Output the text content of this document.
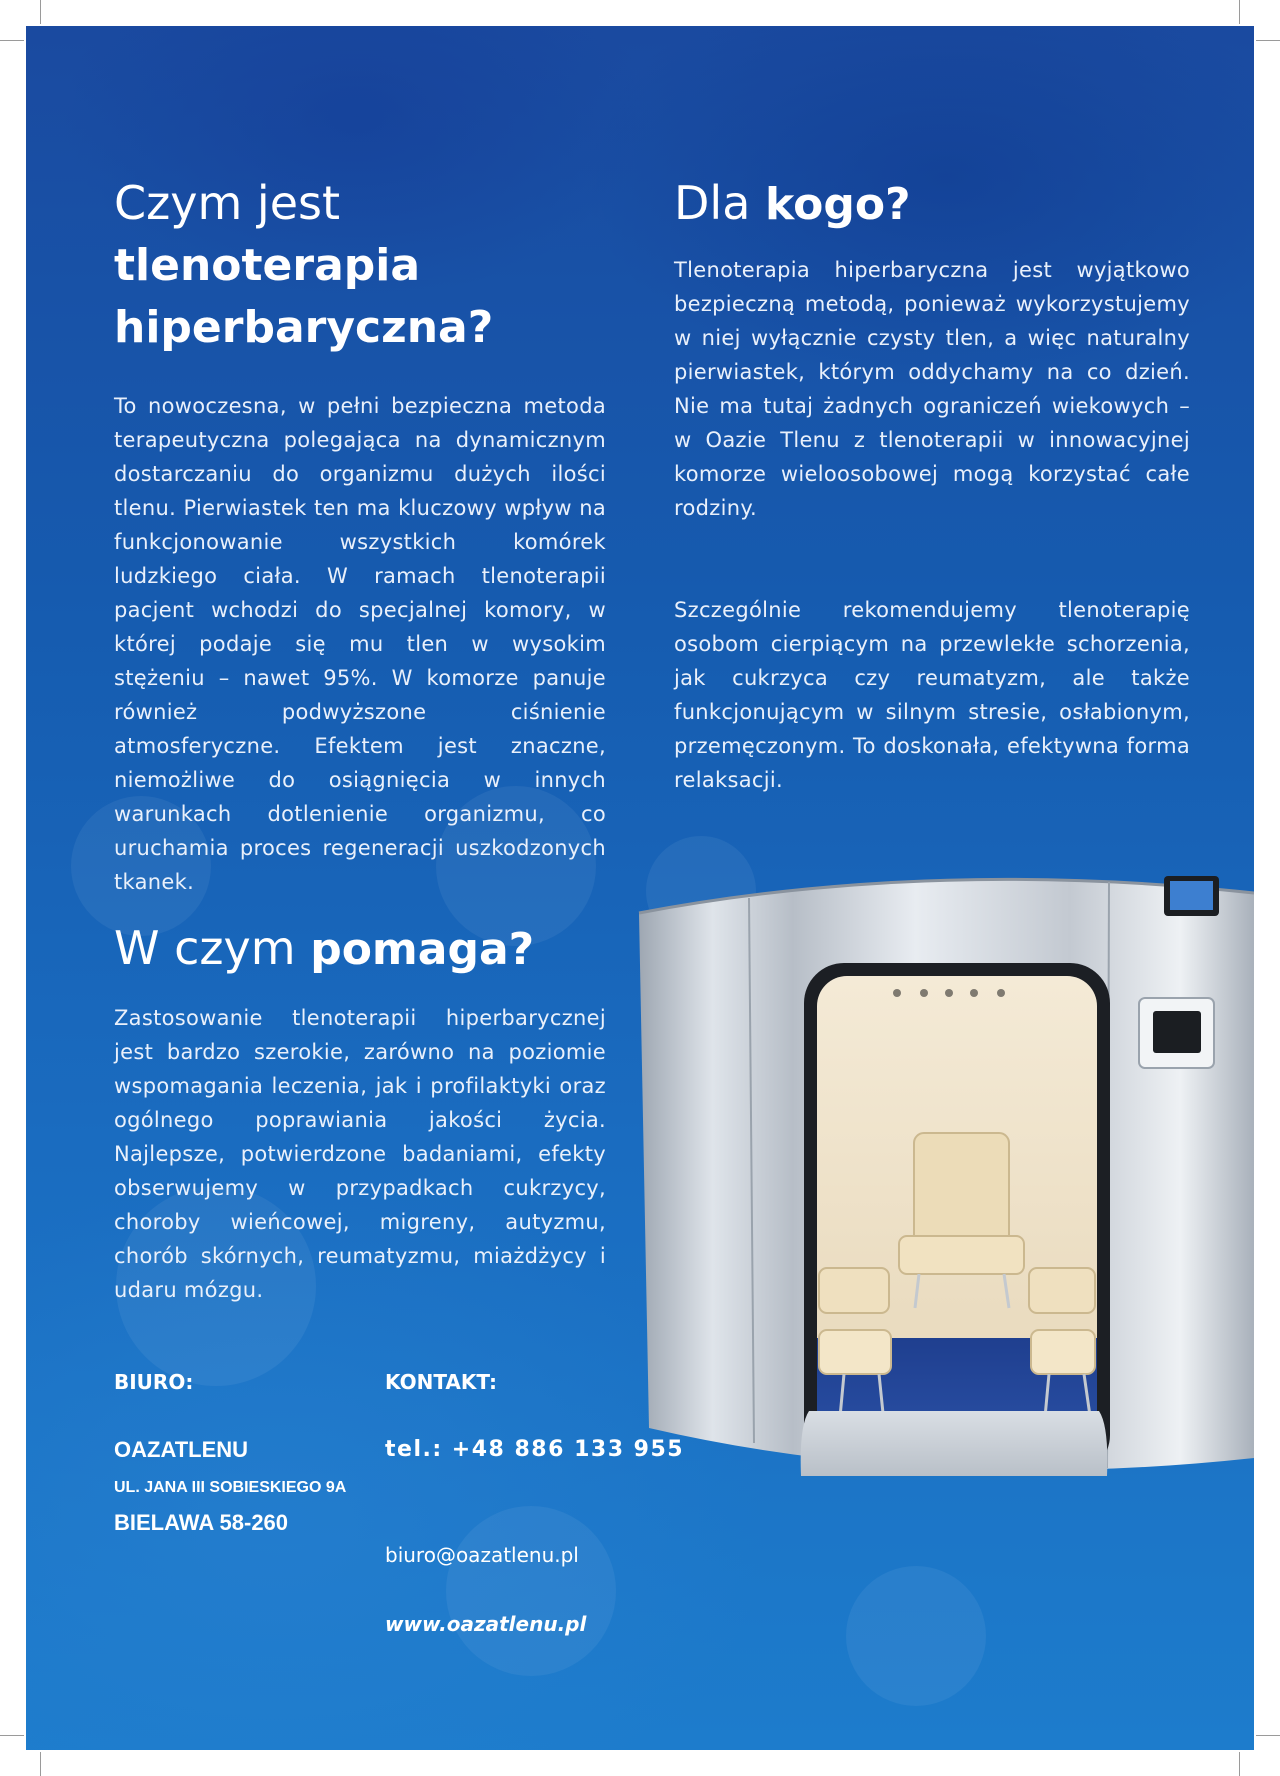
Czym jest
tlenoterapia
hiperbaryczna?
To nowoczesna, w pełni bezpieczna metoda terapeutyczna polegająca na dynamicznym dostarczaniu do organizmu dużych ilości tlenu. Pierwiastek ten ma kluczowy wpływ na funkcjonowanie wszystkich komórek ludzkiego ciała. W ramach tlenoterapii pacjent wchodzi do specjalnej komory, w której podaje się mu tlen w wysokim stężeniu – nawet 95%. W komorze panuje również podwyższone ciśnienie atmosferyczne. Efektem jest znaczne, niemożliwe do osiągnięcia w innych warunkach dotlenienie organizmu, co uruchamia proces regeneracji uszkodzonych tkanek.
Dla kogo?
Tlenoterapia hiperbaryczna jest wyjątkowo bezpieczną metodą, ponieważ wykorzystujemy w niej wyłącznie czysty tlen, a więc naturalny pierwiastek, którym oddychamy na co dzień. Nie ma tutaj żadnych ograniczeń wiekowych – w Oazie Tlenu z tlenoterapii w innowacyjnej komorze wieloosobowej mogą korzystać całe rodziny.
Szczególnie rekomendujemy tlenoterapię osobom cierpiącym na przewlekłe schorzenia, jak cukrzyca czy reumatyzm, ale także funkcjonującym w silnym stresie, osłabionym, przemęczonym. To doskonała, efektywna forma relaksacji.
W czym pomaga?
Zastosowanie tlenoterapii hiperbarycznej jest bardzo szerokie, zarówno na poziomie wspomagania leczenia, jak i profilaktyki oraz ogólnego poprawiania jakości życia. Najlepsze, potwierdzone badaniami, efekty obserwujemy w przypadkach cukrzycy, choroby wieńcowej, migreny, autyzmu, chorób skórnych, reumatyzmu, miażdżycy i udaru mózgu.
BIURO:
OAZATLENU
UL. JANA III SOBIESKIEGO 9A
BIELAWA 58-260
KONTAKT:
tel.: +48 886 133 955
biuro@oazatlenu.pl
www.oazatlenu.pl
